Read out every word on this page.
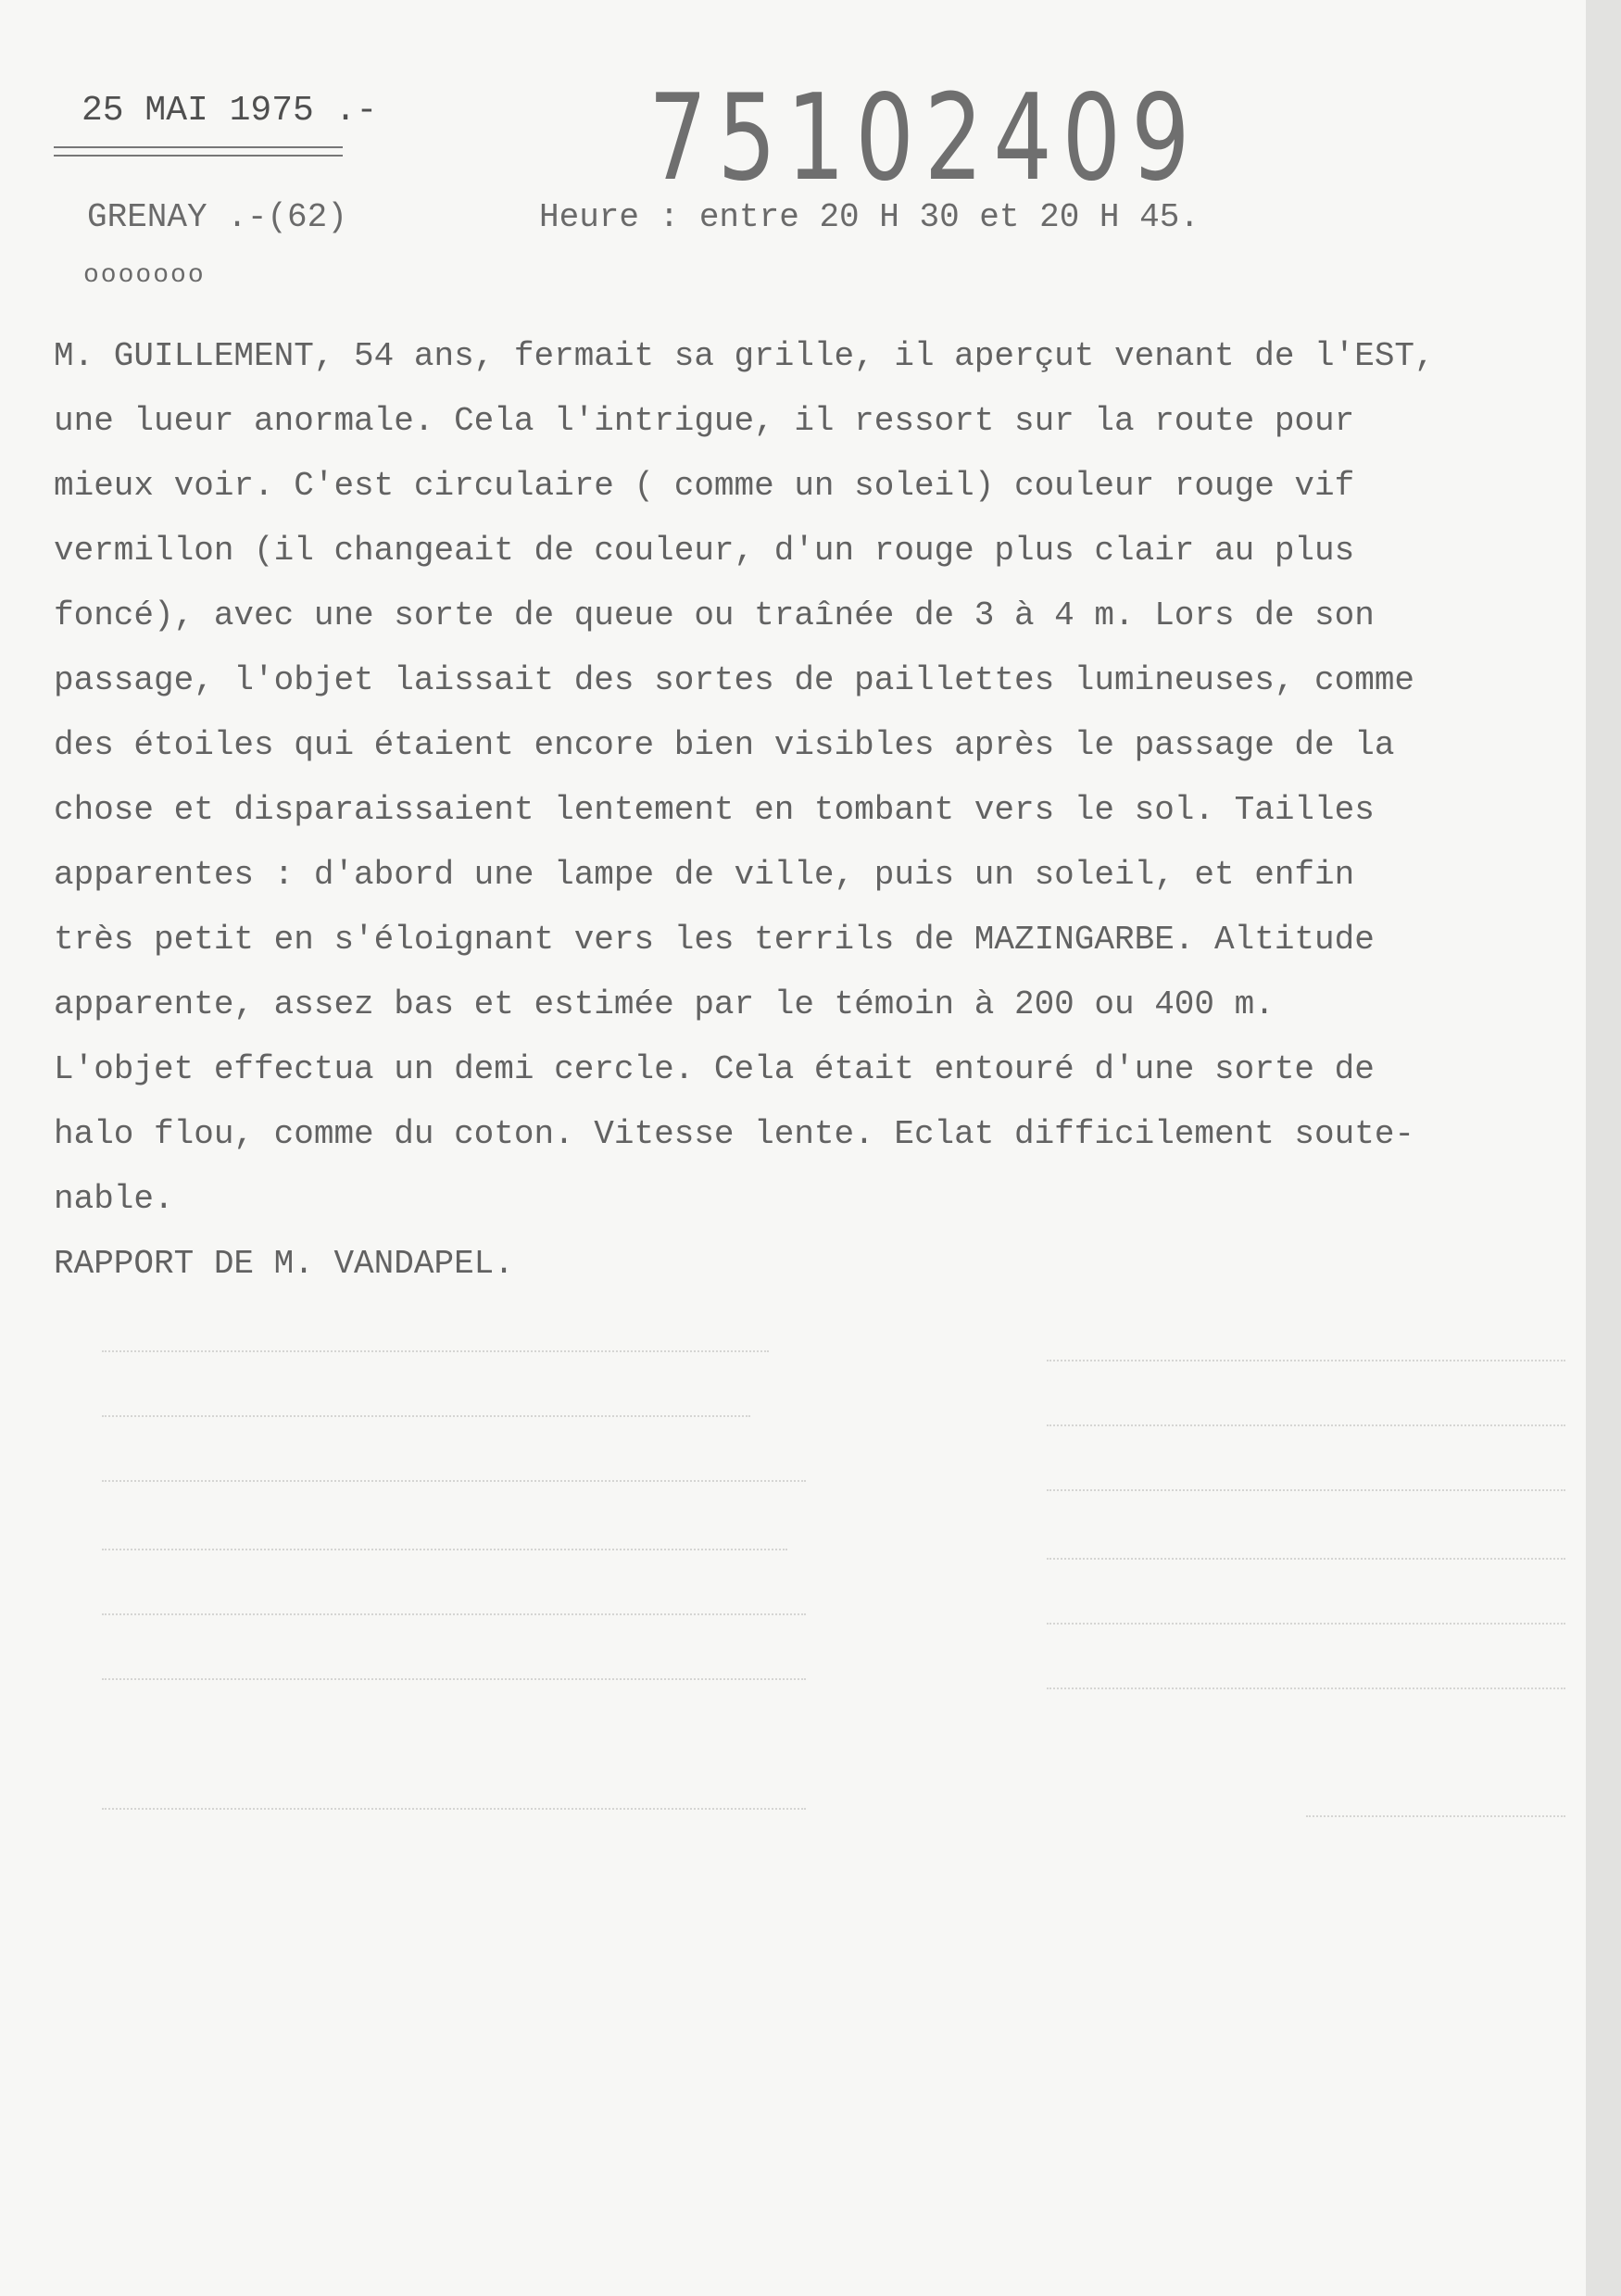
25 MAI 1975 .- 75102409
GRENAY .-(62)	Heure : entre 20 H 30 et 20 H 45.
ooooooo
M. GUILLEMENT, 54 ans, fermait sa grille, il aperçut venant de l'EST,
une lueur anormale. Cela l'intrigue, il ressort sur la route pour
mieux voir. C'est circulaire ( comme un soleil) couleur rouge vif
vermillon (il changeait de couleur, d'un rouge plus clair au plus
foncé), avec une sorte de queue ou traînée de 3 à 4 m. Lors de son
passage, l'objet laissait des sortes de paillettes lumineuses, comme
des étoiles qui étaient encore bien visibles après le passage de la
chose et disparaissaient lentement en tombant vers le sol. Tailles
apparentes : d'abord une lampe de ville, puis un soleil, et enfin
très petit en s'éloignant vers les terrils de MAZINGARBE. Altitude
apparente, assez bas et estimée par le témoin à 200 ou 400 m.
L'objet effectua un demi cercle. Cela était entouré d'une sorte de
halo flou, comme du coton. Vitesse lente. Eclat difficilement soute-
nable.
RAPPORT DE M. VANDAPEL.
